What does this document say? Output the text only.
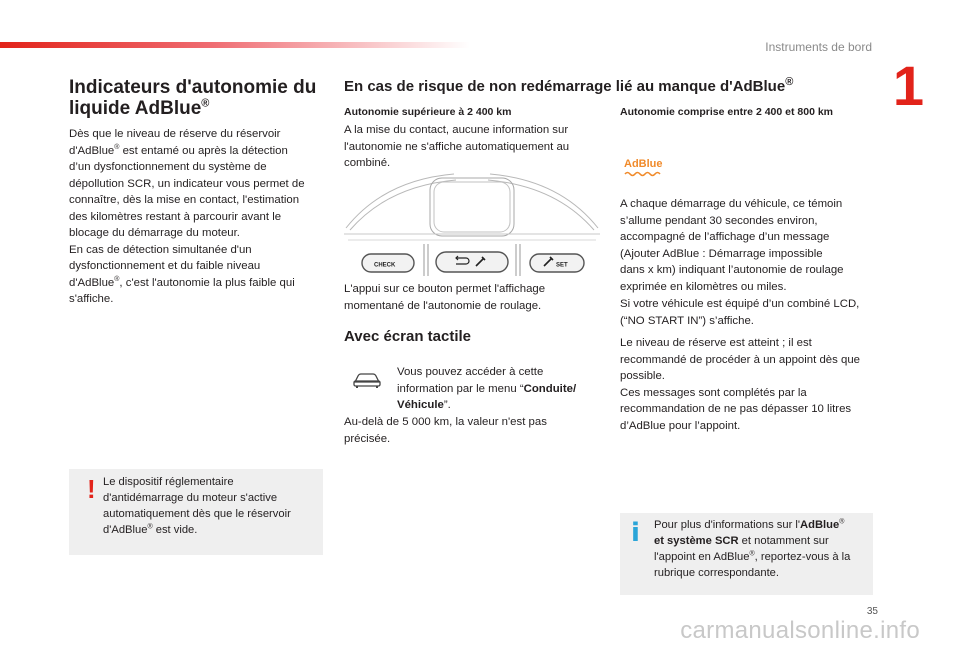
Instruments de bord
1
Indicateurs d'autonomie du liquide AdBlue®
Dès que le niveau de réserve du réservoir
d'AdBlue® est entamé ou après la détection
d’un dysfonctionnement du système de
dépollution SCR, un indicateur vous permet de
connaître, dès la mise en contact, l'estimation
des kilomètres restant à parcourir avant le
blocage du démarrage du moteur.
En cas de détection simultanée d'un
dysfonctionnement et du faible niveau
d'AdBlue®, c'est l'autonomie la plus faible qui
s'affiche.
! Le dispositif réglementaire
d'antidémarrage du moteur s'active
automatiquement dès que le réservoir
d'AdBlue® est vide.
En cas de risque de non redémarrage lié au manque d'AdBlue®
Autonomie supérieure à 2 400 km
A la mise du contact, aucune information sur
l'autonomie ne s'affiche automatiquement au
combiné.
CHECK	SET
L'appui sur ce bouton permet l'affichage
momentané de l'autonomie de roulage.
Avec écran tactile
Vous pouvez accéder à cette
information par le menu “Conduite/
Véhicule”.
Au-delà de 5 000 km, la valeur n'est pas
précisée.
Autonomie comprise entre 2 400 et 800 km
AdBlue
A chaque démarrage du véhicule, ce témoin
s’allume pendant 30 secondes environ,
accompagné de l’affichage d’un message
(Ajouter AdBlue : Démarrage impossible
dans x km) indiquant l’autonomie de roulage
exprimée en kilomètres ou miles.
Si votre véhicule est équipé d’un combiné LCD,
(“NO START IN”) s’affiche.
Le niveau de réserve est atteint ; il est
recommandé de procéder à un appoint dès que
possible.
Ces messages sont complétés par la
recommandation de ne pas dépasser 10 litres
d’AdBlue pour l’appoint.
i Pour plus d'informations sur l'AdBlue®
et système SCR et notamment sur
l'appoint en AdBlue®, reportez-vous à la
rubrique correspondante.
35
carmanualsonline.info
